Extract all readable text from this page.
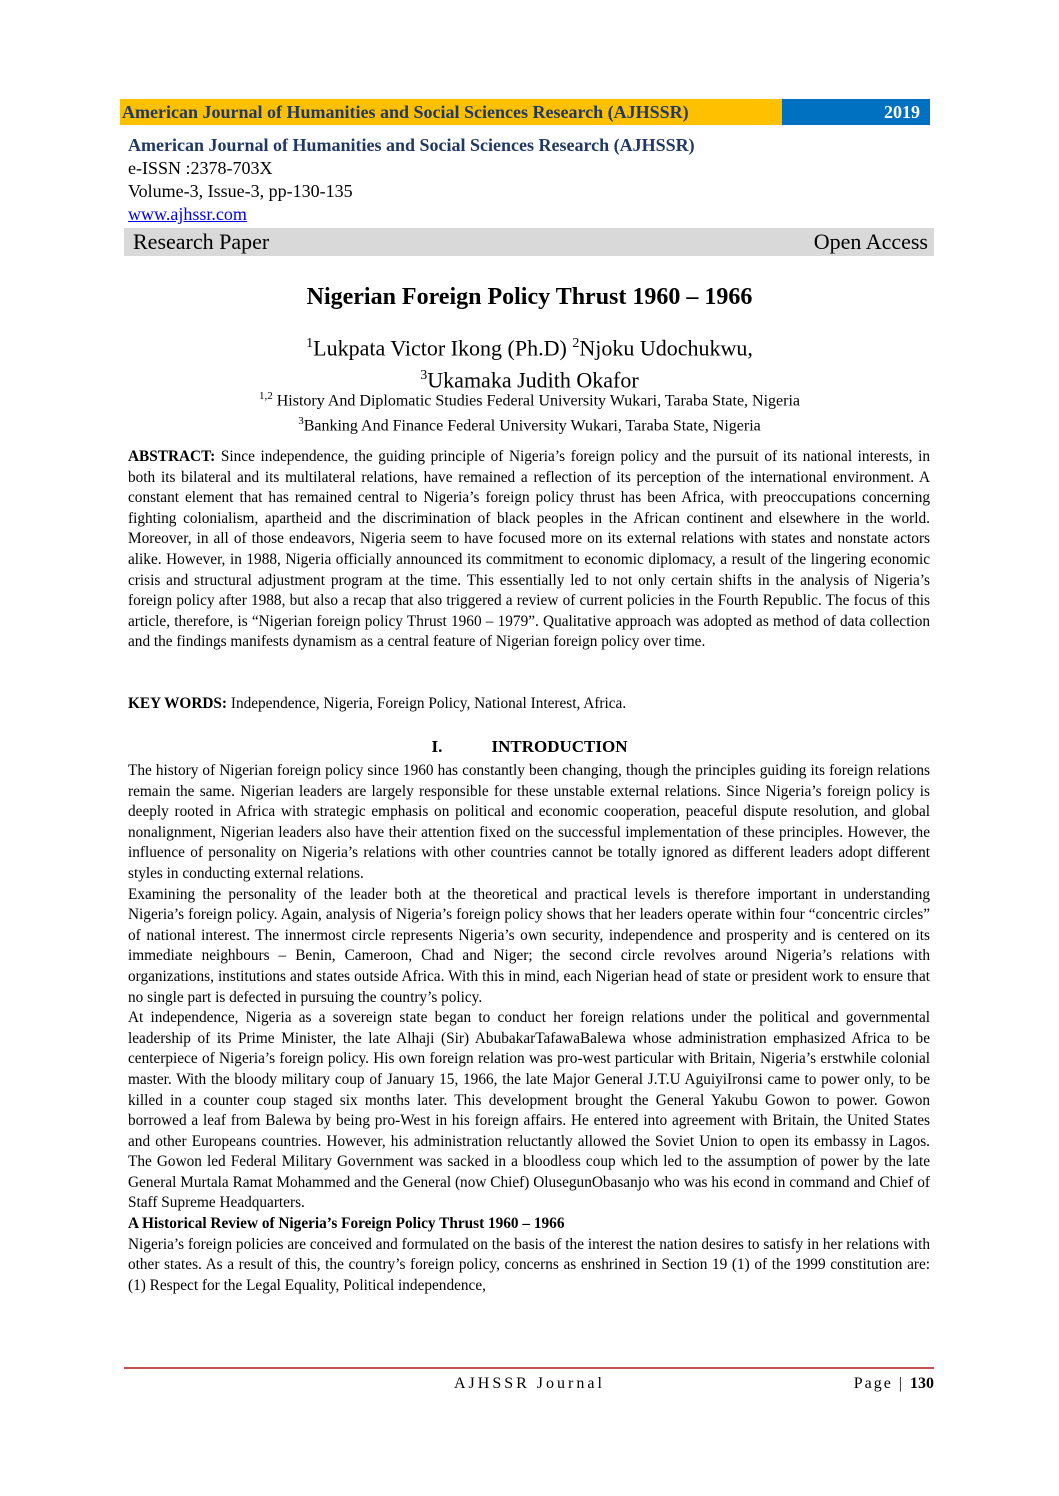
American Journal of Humanities and Social Sciences Research (AJHSSR)	2019
American Journal of Humanities and Social Sciences Research (AJHSSR)
e-ISSN :2378-703X
Volume-3, Issue-3, pp-130-135
www.ajhssr.com
Research Paper	Open Access
Nigerian Foreign Policy Thrust 1960 – 1966
$^1$Lukpata Victor Ikong (Ph.D) $^2$Njoku Udochukwu,
$^3$Ukamaka Judith Okafor
$^{1,2}$ History And Diplomatic Studies Federal University Wukari, Taraba State, Nigeria
$^3$Banking And Finance Federal University Wukari, Taraba State, Nigeria

ABSTRACT: Since independence, the guiding principle of Nigeria’s foreign policy and the pursuit of its national interests, in both its bilateral and its multilateral relations, have remained a reflection of its perception of the international environment. A constant element that has remained central to Nigeria’s foreign policy thrust has been Africa, with preoccupations concerning fighting colonialism, apartheid and the discrimination of black peoples in the African continent and elsewhere in the world. Moreover, in all of those endeavors, Nigeria seem to have focused more on its external relations with states and nonstate actors alike. However, in 1988, Nigeria officially announced its commitment to economic diplomacy, a result of the lingering economic crisis and structural adjustment program at the time. This essentially led to not only certain shifts in the analysis of Nigeria’s foreign policy after 1988, but also a recap that also triggered a review of current policies in the Fourth Republic. The focus of this article, therefore, is “Nigerian foreign policy Thrust 1960 – 1979”. Qualitative approach was adopted as method of data collection and the findings manifests dynamism as a central feature of Nigerian foreign policy over time.

KEY WORDS: Independence, Nigeria, Foreign Policy, National Interest, Africa.

I.	INTRODUCTION

The history of Nigerian foreign policy since 1960 has constantly been changing, though the principles guiding its foreign relations remain the same. Nigerian leaders are largely responsible for these unstable external relations. Since Nigeria’s foreign policy is deeply rooted in Africa with strategic emphasis on political and economic cooperation, peaceful dispute resolution, and global nonalignment, Nigerian leaders also have their attention fixed on the successful implementation of these principles. However, the influence of personality on Nigeria’s relations with other countries cannot be totally ignored as different leaders adopt different styles in conducting external relations.

Examining the personality of the leader both at the theoretical and practical levels is therefore important in understanding Nigeria’s foreign policy. Again, analysis of Nigeria’s foreign policy shows that her leaders operate within four “concentric circles” of national interest. The innermost circle represents Nigeria’s own security, independence and prosperity and is centered on its immediate neighbours – Benin, Cameroon, Chad and Niger; the second circle revolves around Nigeria’s relations with organizations, institutions and states outside Africa. With this in mind, each Nigerian head of state or president work to ensure that no single part is defected in pursuing the country’s policy.

At independence, Nigeria as a sovereign state began to conduct her foreign relations under the political and governmental leadership of its Prime Minister, the late Alhaji (Sir) AbubakarTafawaBalewa whose administration emphasized Africa to be centerpiece of Nigeria’s foreign policy. His own foreign relation was pro-west particular with Britain, Nigeria’s erstwhile colonial master. With the bloody military coup of January 15, 1966, the late Major General J.T.U AguiyiIronsi came to power only, to be killed in a counter coup staged six months later. This development brought the General Yakubu Gowon to power. Gowon borrowed a leaf from Balewa by being pro-West in his foreign affairs. He entered into agreement with Britain, the United States and other Europeans countries. However, his administration reluctantly allowed the Soviet Union to open its embassy in Lagos. The Gowon led Federal Military Government was sacked in a bloodless coup which led to the assumption of power by the late General Murtala Ramat Mohammed and the General (now Chief) OlusegunObasanjo who was his econd in command and Chief of Staff Supreme Headquarters.

A Historical Review of Nigeria’s Foreign Policy Thrust 1960 – 1966

Nigeria’s foreign policies are conceived and formulated on the basis of the interest the nation desires to satisfy in her relations with other states. As a result of this, the country’s foreign policy, concerns as enshrined in Section 19 (1) of the 1999 constitution are: (1) Respect for the Legal Equality, Political independence,

AJHSSR Journal	Page | 130
